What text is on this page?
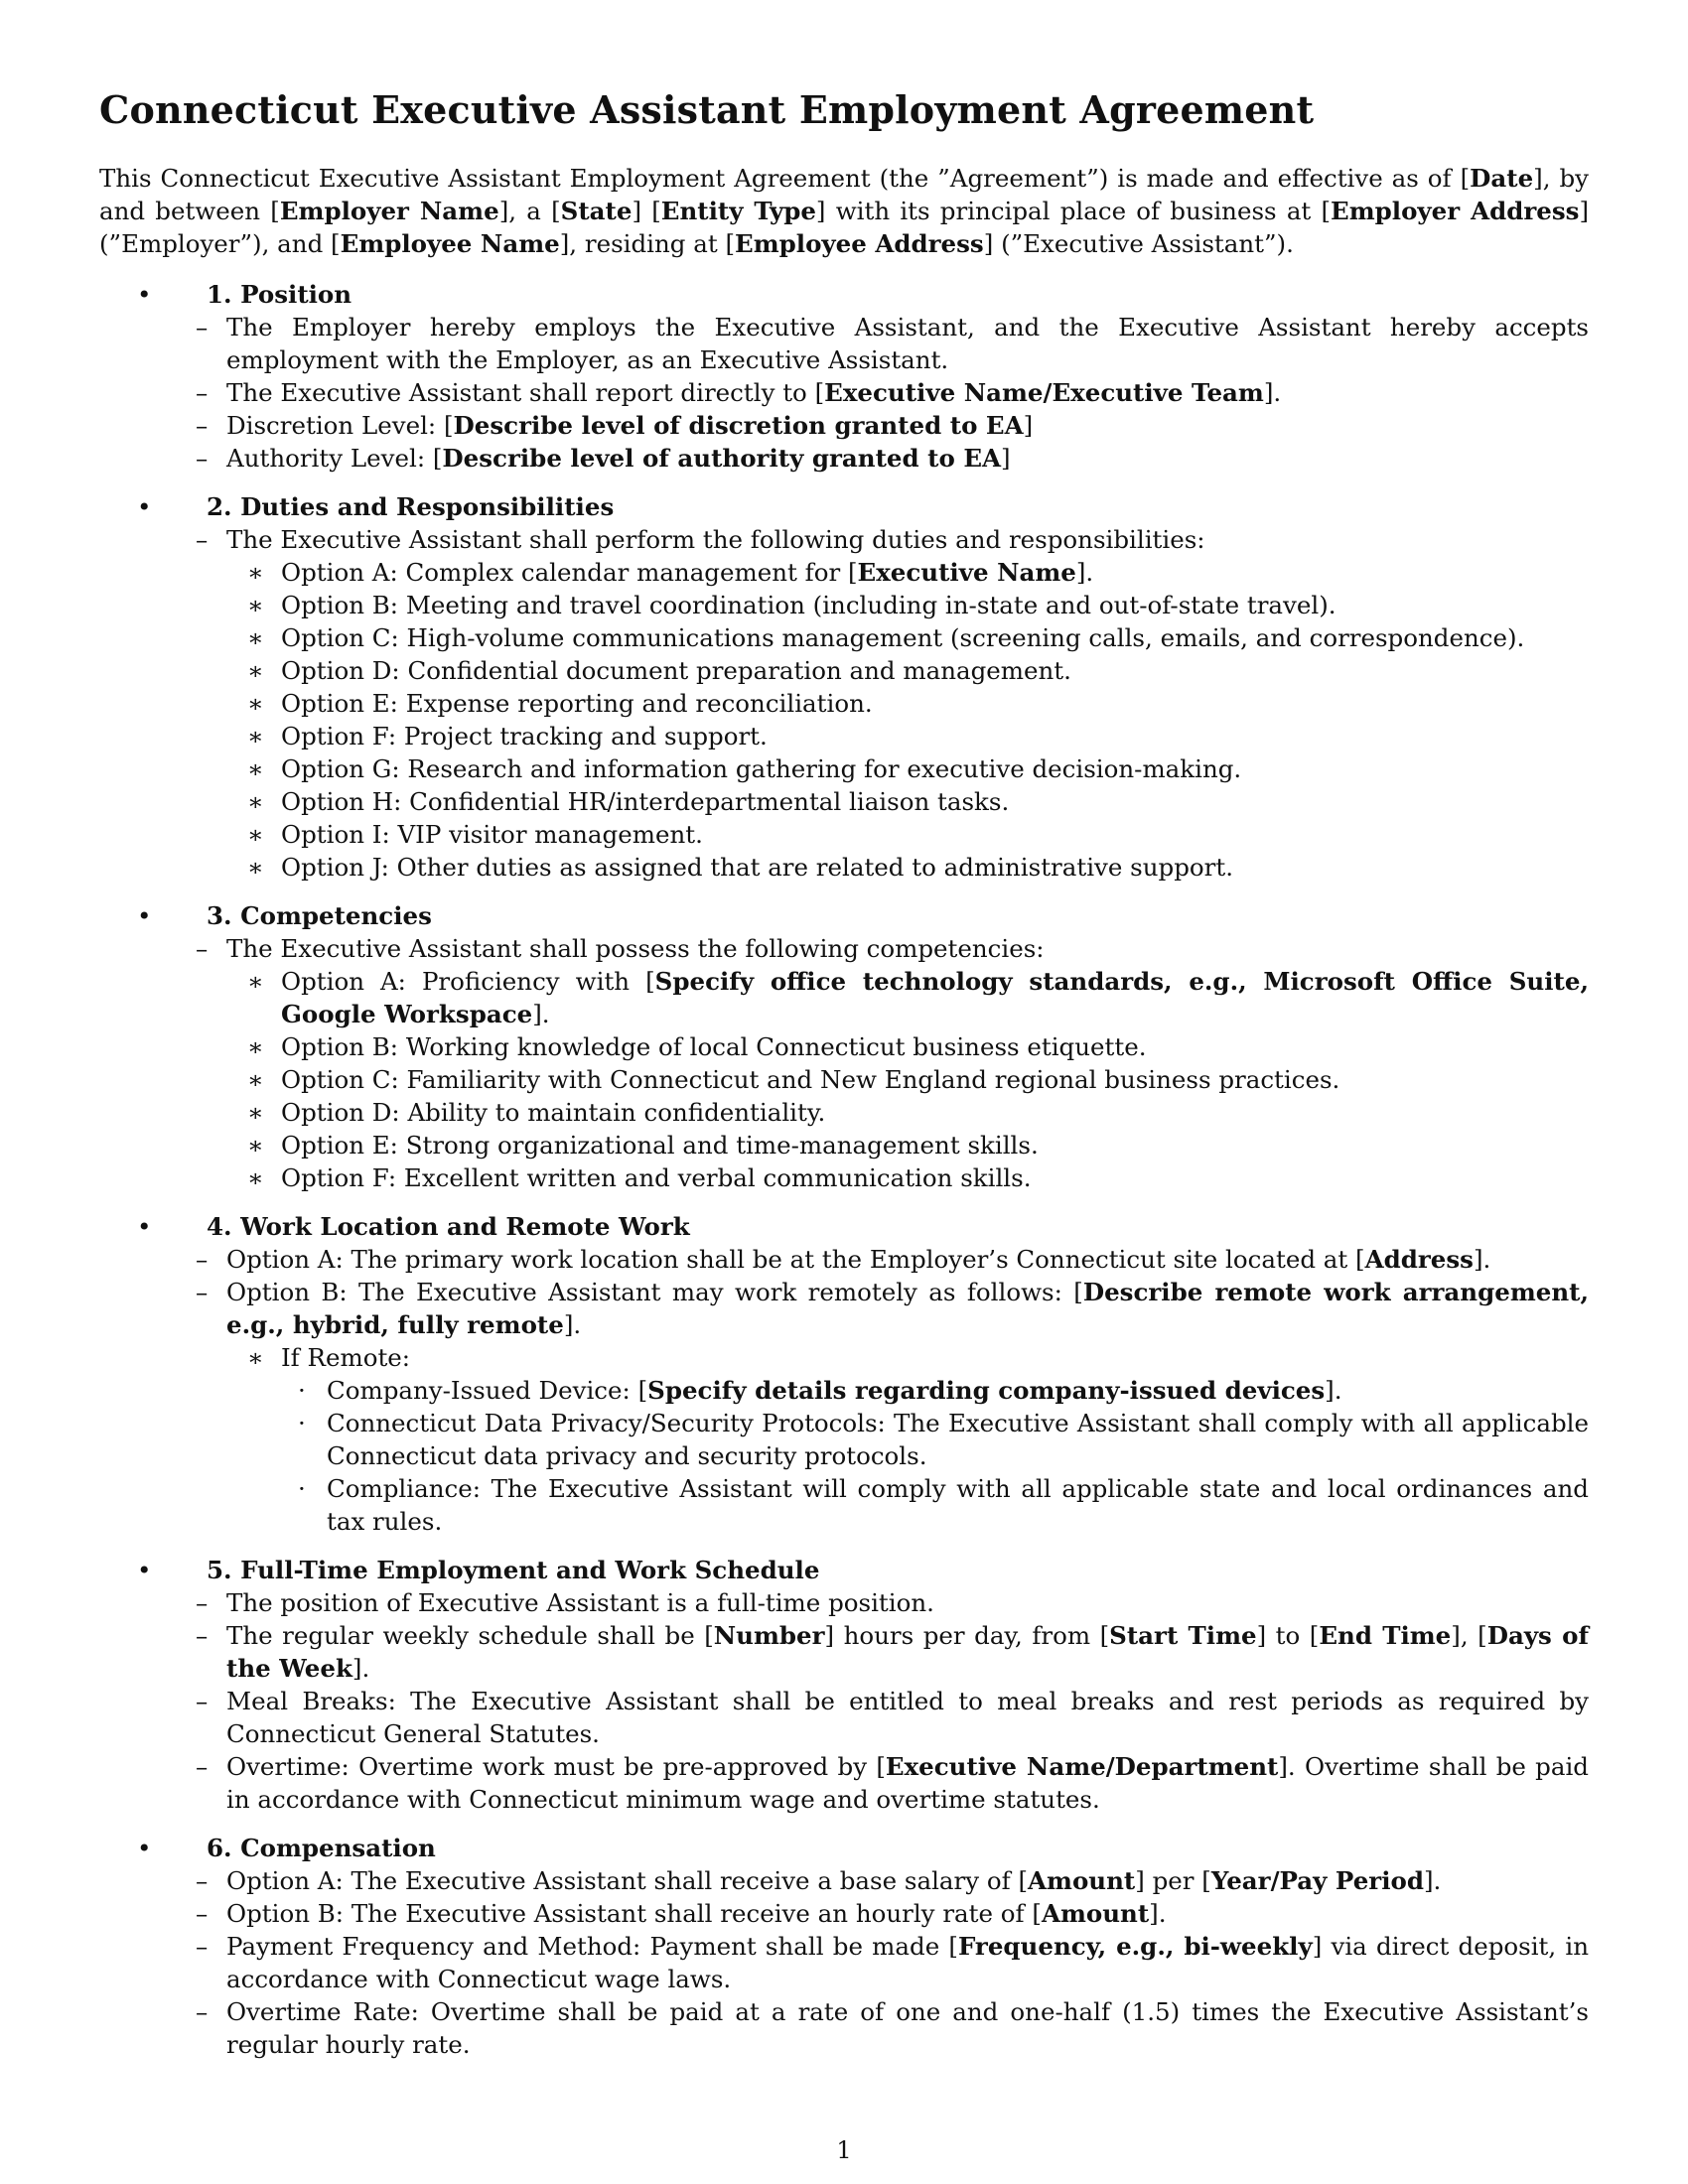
Connecticut Executive Assistant Employment Agreement

This Connecticut Executive Assistant Employment Agreement (the ”Agreement”) is made and effective as of [Date], by and between [Employer Name], a [State] [Entity Type] with its principal place of business at [Employer Address] (”Employer”), and [Employee Name], residing at [Employee Address] (”Executive Assistant”).

• 1. Position
– The Employer hereby employs the Executive Assistant, and the Executive Assistant hereby accepts employment with the Employer, as an Executive Assistant.
– The Executive Assistant shall report directly to [Executive Name/Executive Team].
– Discretion Level: [Describe level of discretion granted to EA]
– Authority Level: [Describe level of authority granted to EA]
• 2. Duties and Responsibilities
– The Executive Assistant shall perform the following duties and responsibilities:
∗ Option A: Complex calendar management for [Executive Name].
∗ Option B: Meeting and travel coordination (including in-state and out-of-state travel).
∗ Option C: High-volume communications management (screening calls, emails, and correspondence).
∗ Option D: Confidential document preparation and management.
∗ Option E: Expense reporting and reconciliation.
∗ Option F: Project tracking and support.
∗ Option G: Research and information gathering for executive decision-making.
∗ Option H: Confidential HR/interdepartmental liaison tasks.
∗ Option I: VIP visitor management.
∗ Option J: Other duties as assigned that are related to administrative support.
• 3. Competencies
– The Executive Assistant shall possess the following competencies:
∗ Option A: Proficiency with [Specify office technology standards, e.g., Microsoft Office Suite, Google Workspace].
∗ Option B: Working knowledge of local Connecticut business etiquette.
∗ Option C: Familiarity with Connecticut and New England regional business practices.
∗ Option D: Ability to maintain confidentiality.
∗ Option E: Strong organizational and time-management skills.
∗ Option F: Excellent written and verbal communication skills.
• 4. Work Location and Remote Work
– Option A: The primary work location shall be at the Employer’s Connecticut site located at [Address].
– Option B: The Executive Assistant may work remotely as follows: [Describe remote work arrangement, e.g., hybrid, fully remote].
∗ If Remote:
· Company-Issued Device: [Specify details regarding company-issued devices].
· Connecticut Data Privacy/Security Protocols: The Executive Assistant shall comply with all applicable Connecticut data privacy and security protocols.
· Compliance: The Executive Assistant will comply with all applicable state and local ordinances and tax rules.
• 5. Full-Time Employment and Work Schedule
– The position of Executive Assistant is a full-time position.
– The regular weekly schedule shall be [Number] hours per day, from [Start Time] to [End Time], [Days of the Week].
– Meal Breaks: The Executive Assistant shall be entitled to meal breaks and rest periods as required by Connecticut General Statutes.
– Overtime: Overtime work must be pre-approved by [Executive Name/Department]. Overtime shall be paid in accordance with Connecticut minimum wage and overtime statutes.
• 6. Compensation
– Option A: The Executive Assistant shall receive a base salary of [Amount] per [Year/Pay Period].
– Option B: The Executive Assistant shall receive an hourly rate of [Amount].
– Payment Frequency and Method: Payment shall be made [Frequency, e.g., bi-weekly] via direct deposit, in accordance with Connecticut wage laws.
– Overtime Rate: Overtime shall be paid at a rate of one and one-half (1.5) times the Executive Assistant’s regular hourly rate.
1
